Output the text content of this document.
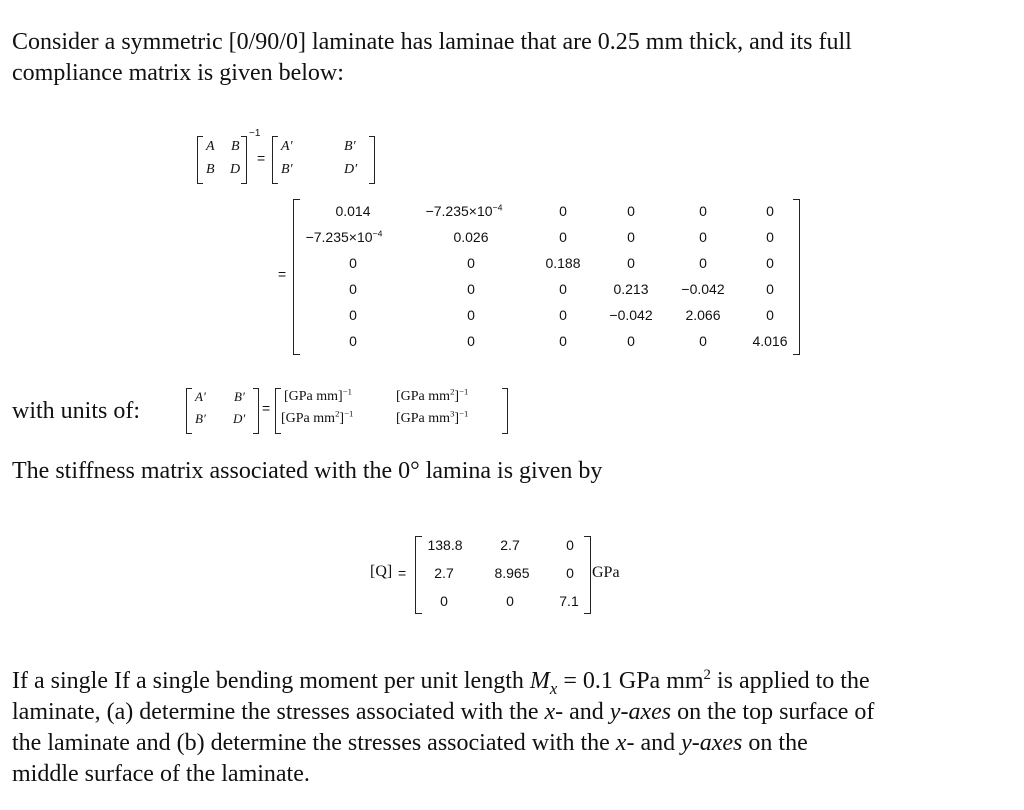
Consider a symmetric [0/90/0] laminate has laminae that are 0.25 mm thick, and its full
compliance matrix is given below:
A B
B D
−1
=
A′	B′
B′	D′
=
0.014	$-7.235\times 10^{-4}$	0	0	0	0
$-7.235\times 10^{-4}$	0.026	0	0	0	0
0	0	0.188	0	0	0
0	0	0	0.213	−0.042	0
0	0	0	−0.042	2.066	0
0	0	0	0	0	4.016
with units of:
A′ B′
B′ D′
=
[GPa mm]$^{-1}$	[GPa $mm^2]^{-1}$
[GPa $mm^2]^{-1}$	[GPa $mm^3]^{-1}$
The stiffness matrix associated with the 0° lamina is given by
[Q] =
138.8	2.7	0
2.7	8.965	0
0	0	7.1
GPa
If a single If a single bending moment per unit length $M_x = 0.1$ GPa $mm^2$ is applied to the
laminate, (a) determine the stresses associated with the x- and y-axes on the top surface of
the laminate and (b) determine the stresses associated with the x- and y-axes on the
middle surface of the laminate.
